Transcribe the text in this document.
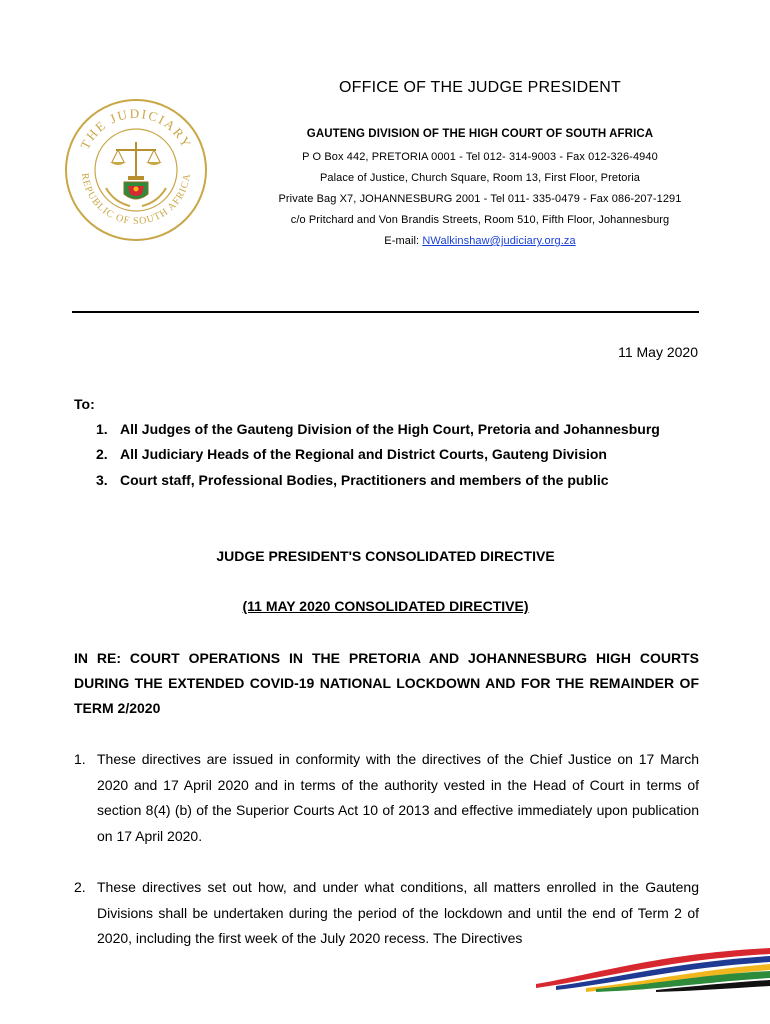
THE JUDICIARY
REPUBLIC OF SOUTH AFRICA
OFFICE OF THE JUDGE PRESIDENT
GAUTENG DIVISION OF THE HIGH COURT OF SOUTH AFRICA
P O Box 442, PRETORIA 0001 - Tel 012- 314-9003 - Fax 012-326-4940
Palace of Justice, Church Square, Room 13, First Floor, Pretoria
Private Bag X7, JOHANNESBURG 2001 - Tel 011- 335-0479 - Fax 086-207-1291
c/o Pritchard and Von Brandis Streets, Room 510, Fifth Floor, Johannesburg
E-mail: NWalkinshaw@judiciary.org.za
11 May 2020
To:
1. All Judges of the Gauteng Division of the High Court, Pretoria and Johannesburg
2. All Judiciary Heads of the Regional and District Courts, Gauteng Division
3. Court staff, Professional Bodies, Practitioners and members of the public
JUDGE PRESIDENT'S CONSOLIDATED DIRECTIVE
(11 MAY 2020 CONSOLIDATED DIRECTIVE)
IN RE: COURT OPERATIONS IN THE PRETORIA AND JOHANNESBURG HIGH COURTS DURING THE EXTENDED COVID-19 NATIONAL LOCKDOWN AND FOR THE REMAINDER OF TERM 2/2020
1. These directives are issued in conformity with the directives of the Chief Justice on 17 March 2020 and 17 April 2020 and in terms of the authority vested in the Head of Court in terms of section 8(4) (b) of the Superior Courts Act 10 of 2013 and effective immediately upon publication on 17 April 2020.
2. These directives set out how, and under what conditions, all matters enrolled in the Gauteng Divisions shall be undertaken during the period of the lockdown and until the end of Term 2 of 2020, including the first week of the July 2020 recess. The Directives
